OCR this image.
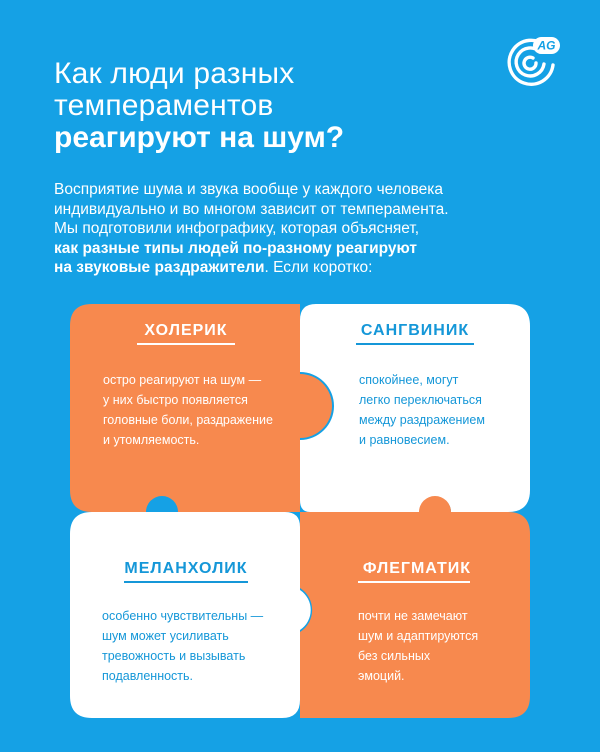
AG
Как люди разных
темпераментов
реагируют на шум?
Восприятие шума и звука вообще у каждого человека
индивидуально и во многом зависит от темперамента.
Мы подготовили инфографику, которая объясняет,
как разные типы людей по-разному реагируют
на звуковые раздражители. Если коротко:
ХОЛЕРИК
остро реагируют на шум —
у них быстро появляется
головные боли, раздражение
и утомляемость.
САНГВИНИК
спокойнее, могут
легко переключаться
между раздражением
и равновесием.
МЕЛАНХОЛИК
особенно чувствительны —
шум может усиливать
тревожность и вызывать
подавленность.
ФЛЕГМАТИК
почти не замечают
шум и адаптируются
без сильных
эмоций.
